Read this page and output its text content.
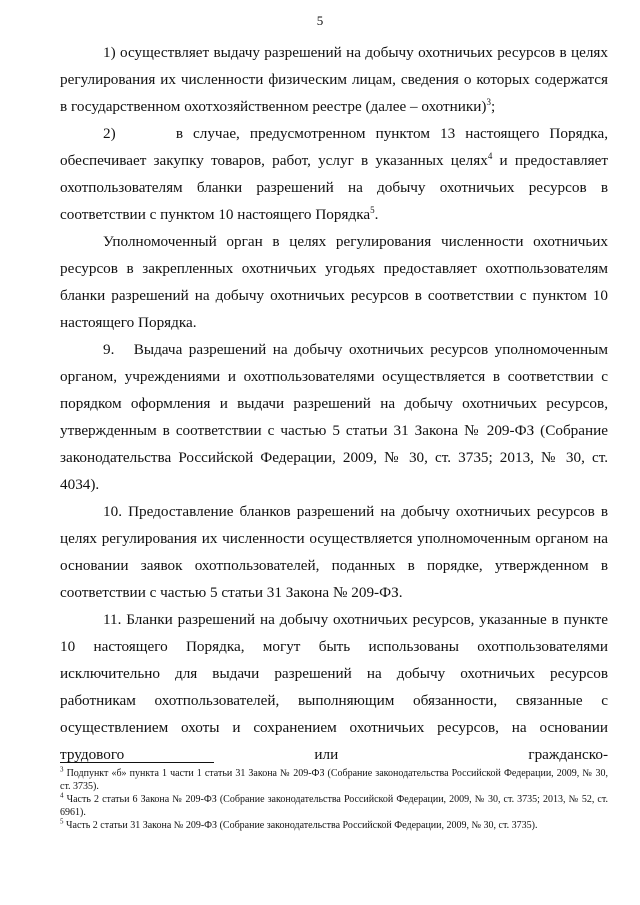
5

1) осуществляет выдачу разрешений на добычу охотничьих ресурсов в целях регулирования их численности физическим лицам, сведения о которых содержатся в государственном охотхозяйственном реестре (далее – охотники)$^3$;

2)      в случае, предусмотренном пунктом 13 настоящего Порядка, обеспечивает закупку товаров, работ, услуг в указанных целях$^4$ и предоставляет охотпользователям бланки разрешений на добычу охотничьих ресурсов в соответствии с пунктом 10 настоящего Порядка$^5$.

Уполномоченный орган в целях регулирования численности охотничьих ресурсов в закрепленных охотничьих угодьях предоставляет охотпользователям бланки разрешений на добычу охотничьих ресурсов в соответствии с пунктом 10 настоящего Порядка.

9.   Выдача разрешений на добычу охотничьих ресурсов уполномоченным органом, учреждениями и охотпользователями осуществляется в соответствии с порядком оформления и выдачи разрешений на добычу охотничьих ресурсов, утвержденным в соответствии с частью 5 статьи 31 Закона № 209-ФЗ (Собрание законодательства Российской Федерации, 2009, № 30, ст. 3735; 2013, № 30, ст. 4034).

10. Предоставление бланков разрешений на добычу охотничьих ресурсов в целях регулирования их численности осуществляется уполномоченным органом на основании заявок охотпользователей, поданных в порядке, утвержденном в соответствии с частью 5 статьи 31 Закона № 209-ФЗ.

11. Бланки разрешений на добычу охотничьих ресурсов, указанные в пункте 10 настоящего Порядка, могут быть использованы охотпользователями исключительно для выдачи разрешений на добычу охотничьих ресурсов работникам охотпользователей, выполняющим обязанности, связанные с осуществлением охоты и сохранением охотничьих ресурсов, на основании трудового или гражданско-

$^3$ Подпункт «б» пункта 1 части 1 статьи 31 Закона № 209-ФЗ (Собрание законодательства Российской Федерации, 2009, № 30, ст. 3735).

$^4$ Часть 2 статьи 6 Закона № 209-ФЗ (Собрание законодательства Российской Федерации, 2009, № 30, ст. 3735; 2013, № 52, ст. 6961).

$^5$ Часть 2 статьи 31 Закона № 209-ФЗ (Собрание законодательства Российской Федерации, 2009, № 30, ст. 3735).
